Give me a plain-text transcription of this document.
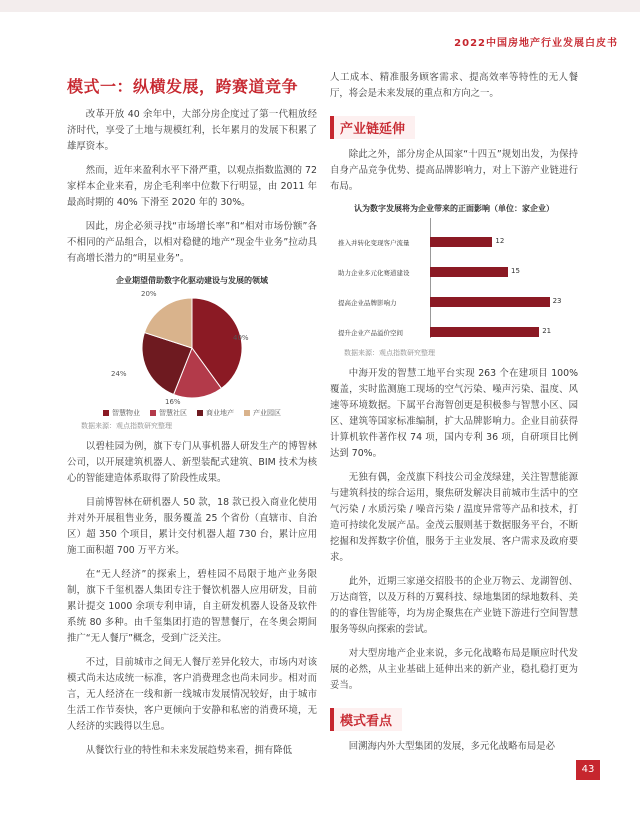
2022中国房地产行业发展白皮书
模式一：纵横发展，跨赛道竞争

改革开放 40 余年中，大部分房企度过了第一代粗放经济时代，享受了土地与规模红利，长年累月的发展下积累了雄厚资本。

然而，近年来盈利水平下滑严重，以观点指数监测的 72 家样本企业来看，房企毛利率中位数下行明显，由 2011 年最高时期的 40% 下滑至 2020 年的 30%。

因此，房企必须寻找“市场增长率”和“相对市场份额”各不相同的产品组合，以相对稳健的地产“现金牛业务”拉动具有高增长潜力的“明星业务”。

企业期望借助数字化驱动建设与发展的领域
40%
16%
24%
20%
智慧物业	智慧社区	商业地产	产业园区
数据来源：观点指数研究整理

以碧桂园为例，旗下专门从事机器人研发生产的博智林公司，以开展建筑机器人、新型装配式建筑、BIM 技术为核心的智能建造体系取得了阶段性成果。

目前博智林在研机器人 50 款，18 款已投入商业化使用并对外开展租售业务，服务覆盖 25 个省份（直辖市、自治区）超 350 个项目，累计交付机器人超 730 台，累计应用施工面积超 700 万平方米。

在“无人经济”的探索上，碧桂园不局限于地产业务限制，旗下千玺机器人集团专注于餐饮机器人应用研发，目前累计提交 1000 余项专利申请，自主研发机器人设备及软件系统 80 多种。由千玺集团打造的智慧餐厅，在冬奥会期间推广“无人餐厅”概念，受到广泛关注。

不过，目前城市之间无人餐厅差异化较大，市场内对该模式尚未达成统一标准，客户消费理念也尚未同步。相对而言，无人经济在一线和新一线城市发展情况较好，由于城市生活工作节奏快，客户更倾向于安静和私密的消费环境，无人经济的实践得以生息。

从餐饮行业的特性和未来发展趋势来看，拥有降低

人工成本、精准服务顾客需求、提高效率等特性的无人餐厅，将会是未来发展的重点和方向之一。

产业链延伸

除此之外，部分房企从国家“十四五”规划出发，为保持自身产品竞争优势、提高品牌影响力，对上下游产业链进行布局。

认为数字发展将为企业带来的正面影响（单位：家企业）
提升企业产品溢价空间	21
提高企业品牌影响力	23
助力企业多元化赛道建设	15
推入并转化变现客户流量	12
数据来源：观点指数研究整理

中海开发的智慧工地平台实现 263 个在建项目 100% 覆盖，实时监测施工现场的空气污染、噪声污染、温度、风速等环境数据。下属平台海智创更是积极参与智慧小区、园区、建筑等国家标准编制，扩大品牌影响力。企业目前获得计算机软件著作权 74 项，国内专利 36 项，自研项目比例达到 70%。

无独有偶，金茂旗下科技公司金茂绿建，关注智慧能源与建筑科技的综合运用，聚焦研发解决目前城市生活中的空气污染 / 水质污染 / 噪音污染 / 温度异常等产品和技术，打造可持续化发展产品。金茂云服则基于数据服务平台，不断挖掘和发挥数字价值，服务于主业发展、客户需求及政府要求。

此外，近期三家递交招股书的企业万物云、龙湖智创、万达商管，以及万科的万翼科技、绿地集团的绿地数科、美的的睿住智能等，均为房企聚焦在产业链下游进行空间智慧服务等纵向探索的尝试。

对大型房地产企业来说，多元化战略布局是顺应时代发展的必然，从主业基础上延伸出来的新产业，稳扎稳打更为妥当。

模式看点

回溯海内外大型集团的发展，多元化战略布局是必

43
